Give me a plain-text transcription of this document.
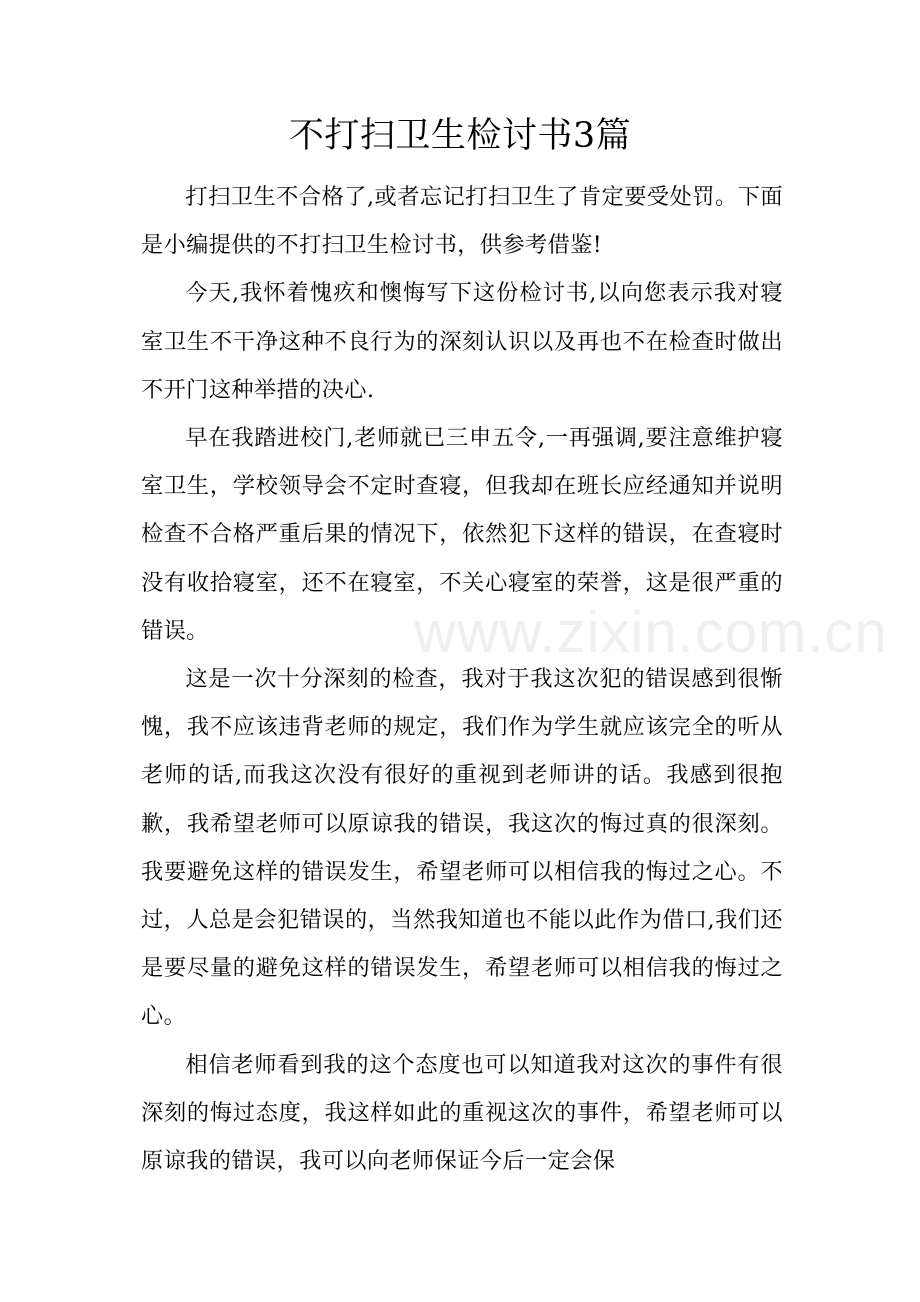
不打扫卫生检讨书3篇

打扫卫生不合格了,或者忘记打扫卫生了肯定要受处罚。下面是小编提供的不打扫卫生检讨书，供参考借鉴!

今天,我怀着愧疚和懊悔写下这份检讨书,以向您表示我对寝室卫生不干净这种不良行为的深刻认识以及再也不在检查时做出不开门这种举措的决心.

早在我踏进校门,老师就已三申五令,一再强调,要注意维护寝室卫生，学校领导会不定时查寝，但我却在班长应经通知并说明检查不合格严重后果的情况下，依然犯下这样的错误，在查寝时没有收拾寝室，还不在寝室，不关心寝室的荣誉，这是很严重的错误。

这是一次十分深刻的检查，我对于我这次犯的错误感到很惭愧，我不应该违背老师的规定，我们作为学生就应该完全的听从老师的话,而我这次没有很好的重视到老师讲的话。我感到很抱歉，我希望老师可以原谅我的错误，我这次的悔过真的很深刻。我要避免这样的错误发生，希望老师可以相信我的悔过之心。不过，人总是会犯错误的，当然我知道也不能以此作为借口,我们还是要尽量的避免这样的错误发生，希望老师可以相信我的悔过之心。

相信老师看到我的这个态度也可以知道我对这次的事件有很深刻的悔过态度，我这样如此的重视这次的事件，希望老师可以原谅我的错误，我可以向老师保证今后一定会保

www.zixin.com.cn
